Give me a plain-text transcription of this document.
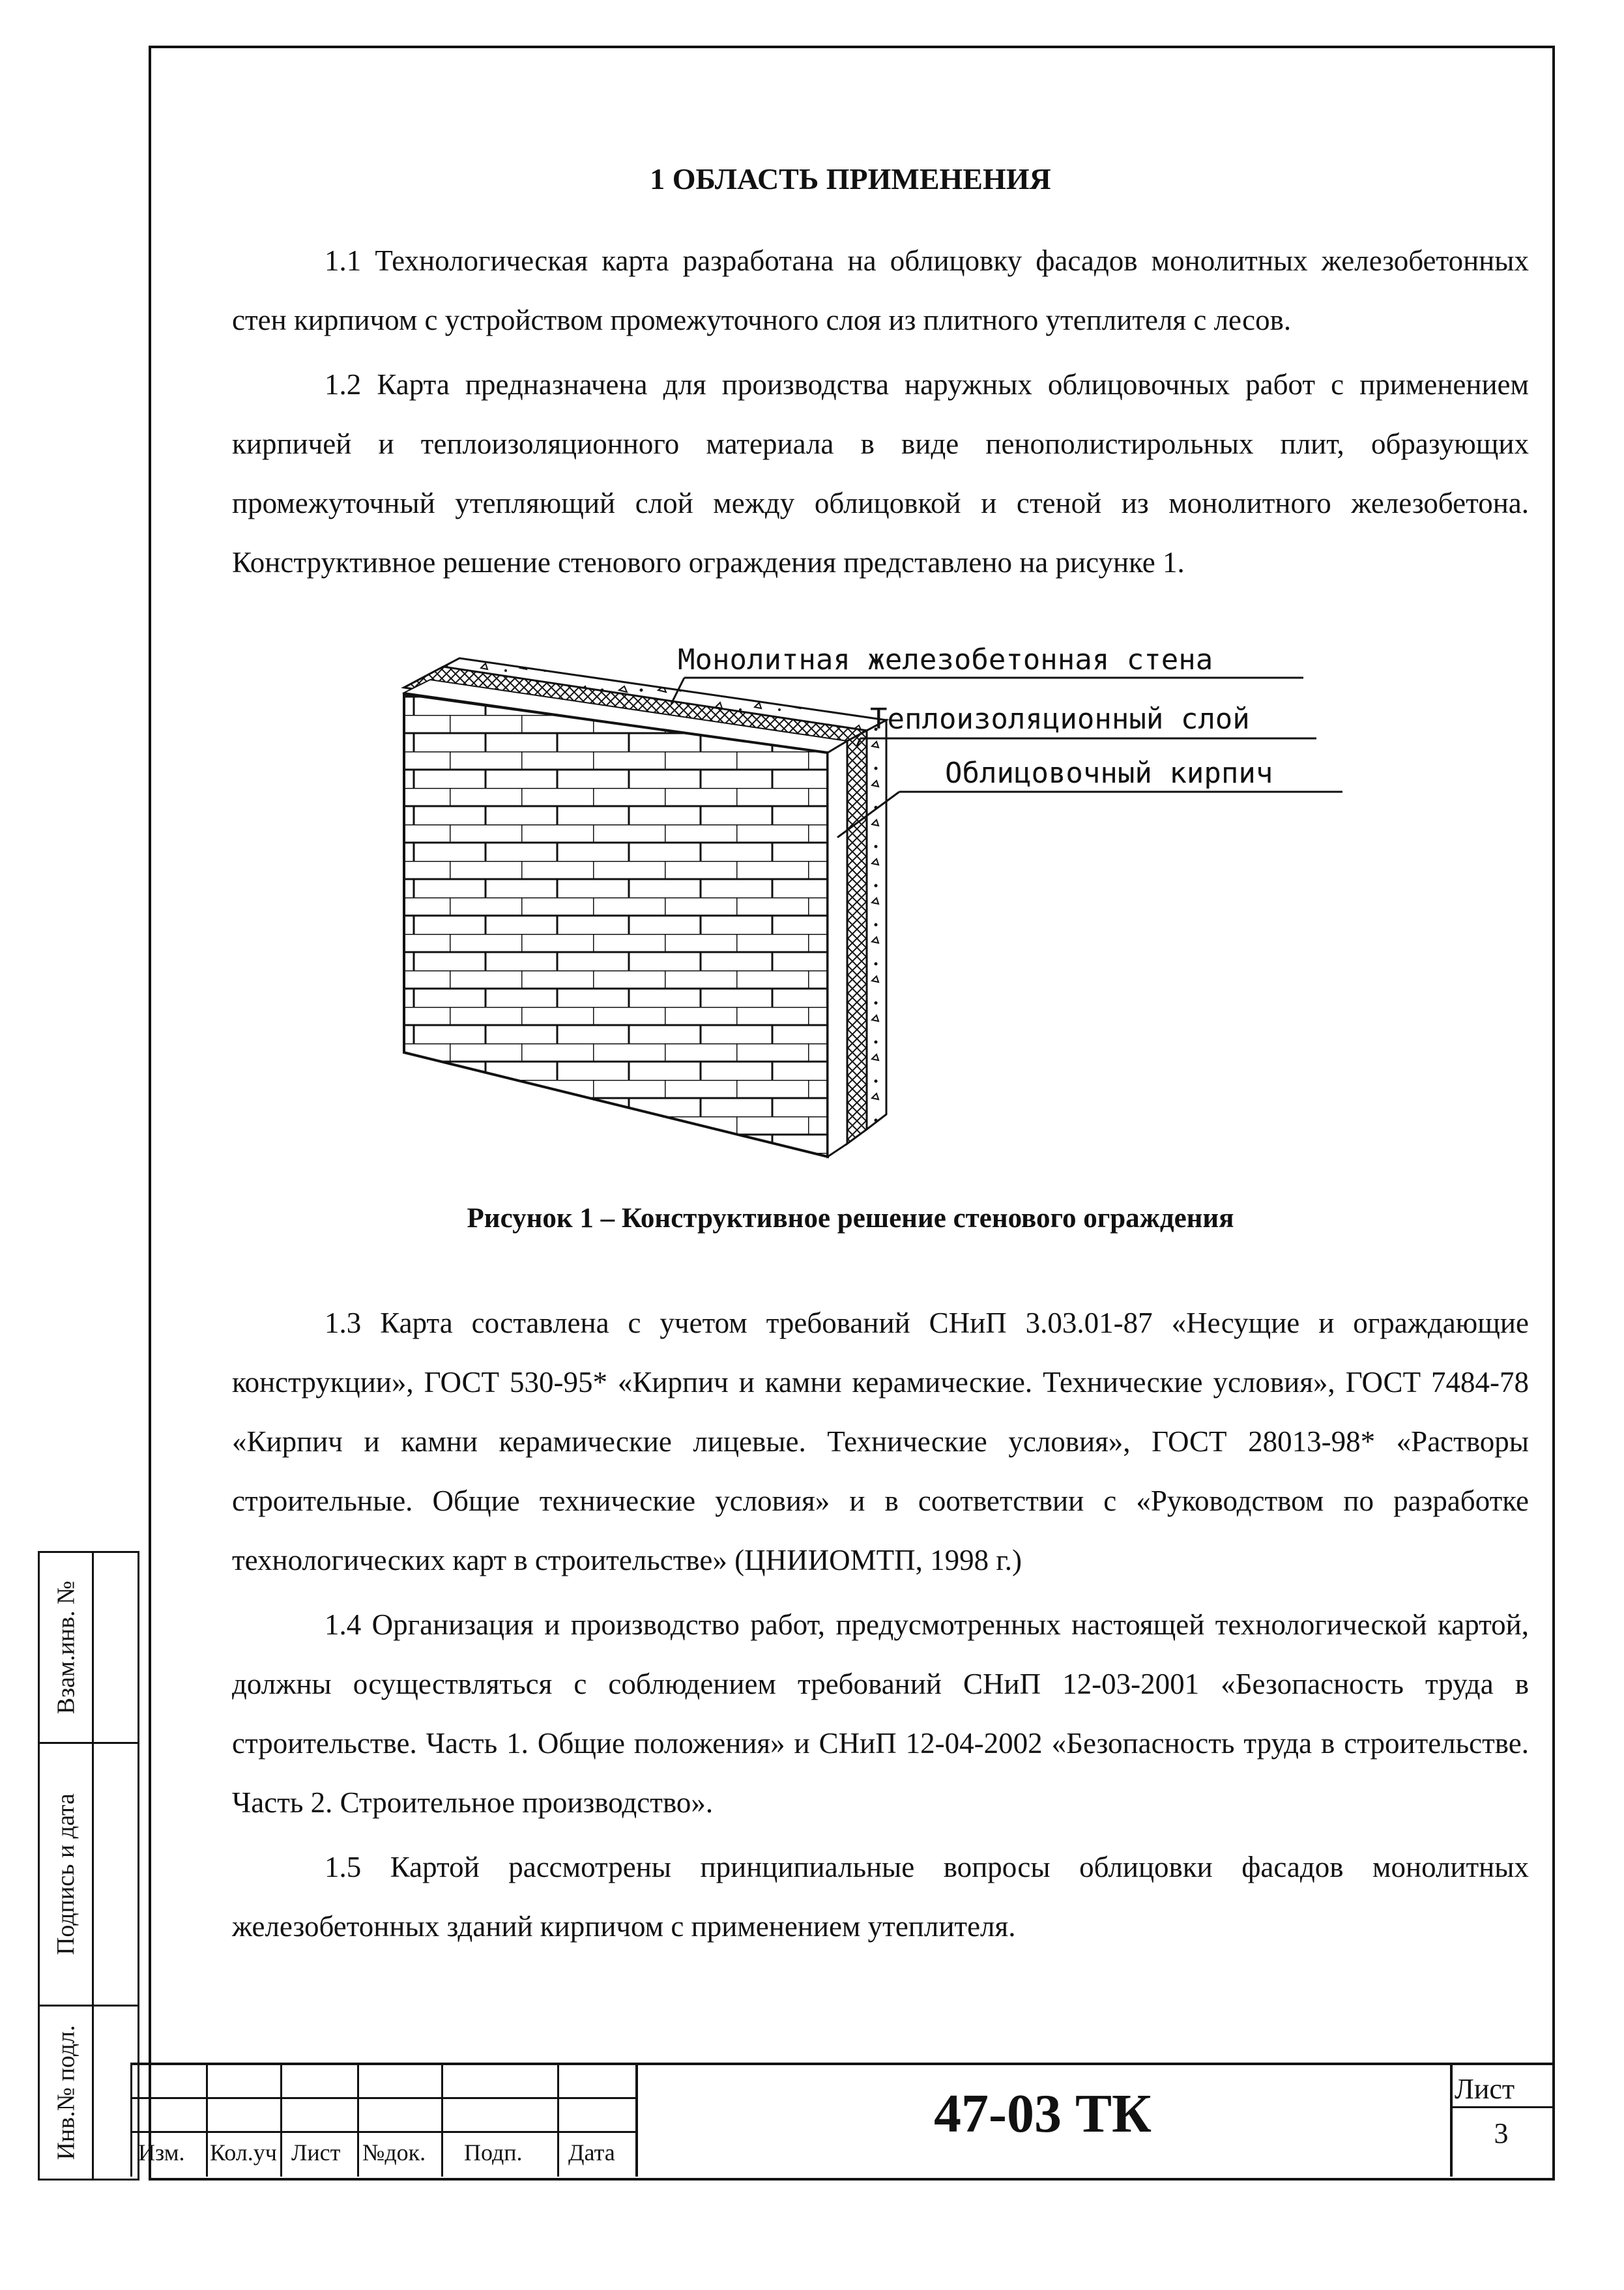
1 ОБЛАСТЬ ПРИМЕНЕНИЯ

1.1 Технологическая карта разработана на облицовку фасадов монолитных железобетонных стен кирпичом с устройством промежуточного слоя из плитного утеплителя с лесов.

1.2 Карта предназначена для производства наружных облицовочных работ с применением кирпичей и теплоизоляционного материала в виде пенополистирольных плит, образующих промежуточный утепляющий слой между облицовкой и стеной из монолитного железобетона. Конструктивное решение стенового ограждения представлено на рисунке 1.

Монолитная железобетонная стена
Теплоизоляционный слой
Облицовочный кирпич
Рисунок 1 – Конструктивное решение стенового ограждения

1.3 Карта составлена с учетом требований СНиП 3.03.01-87 «Несущие и ограждающие конструкции», ГОСТ 530-95* «Кирпич и камни керамические. Технические условия», ГОСТ 7484-78 «Кирпич и камни керамические лицевые. Технические условия», ГОСТ 28013-98* «Растворы строительные. Общие технические условия» и в соответствии с «Руководством по разработке технологических карт в строительстве» (ЦНИИОМТП, 1998 г.)

1.4 Организация и производство работ, предусмотренных настоящей технологической картой, должны осуществляться с соблюдением требований СНиП 12-03-2001 «Безопасность труда в строительстве. Часть 1. Общие положения» и СНиП 12-04-2002 «Безопасность труда в строительстве. Часть 2. Строительное производство».

1.5 Картой рассмотрены принципиальные вопросы облицовки фасадов монолитных железобетонных зданий кирпичом с применением утеплителя.

Взам.инв. №
Подпись и дата
Инв.№ подл. Изм. Кол.уч Лист №док. Подп. Дата
47-03 ТК	Лист
3
